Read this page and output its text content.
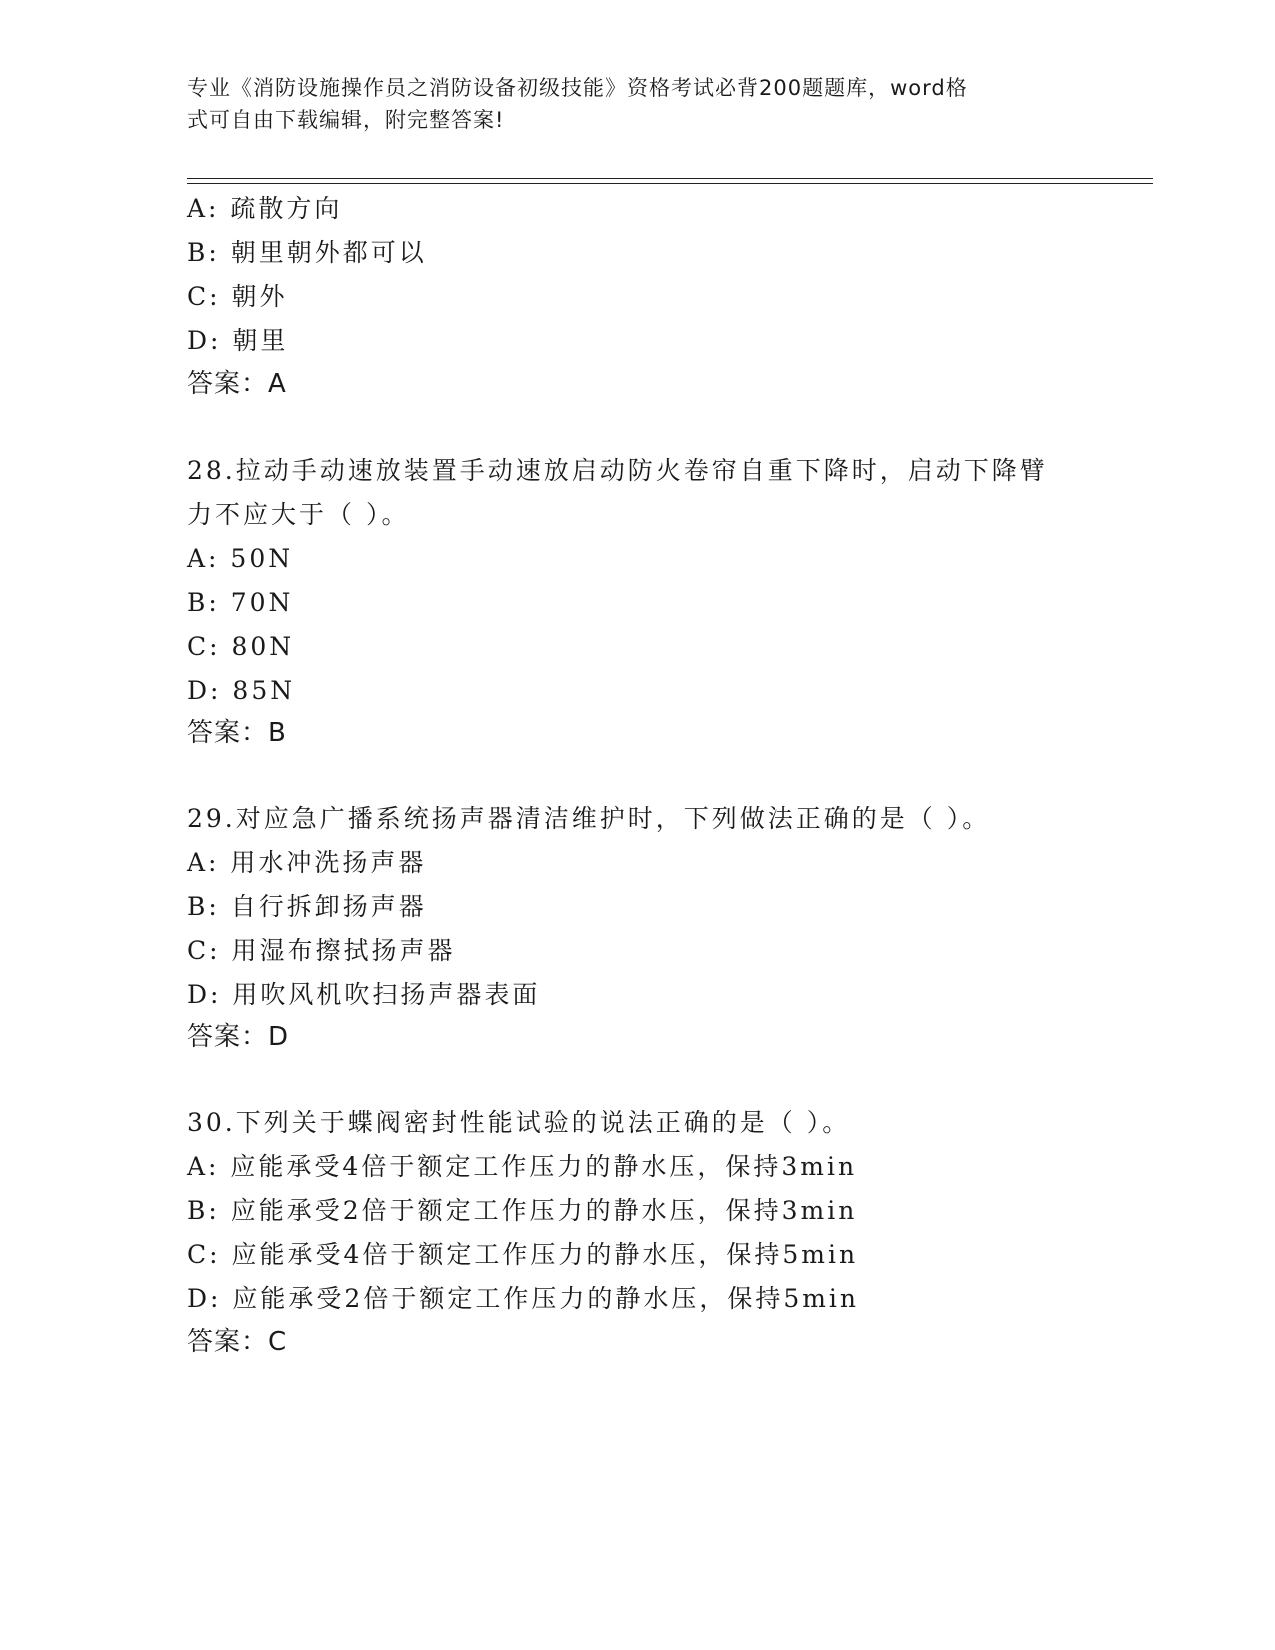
专业《消防设施操作员之消防设备初级技能》资格考试必背200题题库，word格
式可自由下载编辑，附完整答案!
A: 疏散方向
B: 朝里朝外都可以
C: 朝外
D: 朝里
答案：A
28.拉动手动速放装置手动速放启动防火卷帘自重下降时，启动下降臂
力不应大于（ ）。
A: 50N
B: 70N
C: 80N
D: 85N
答案：B
29.对应急广播系统扬声器清洁维护时，下列做法正确的是（ ）。
A: 用水冲洗扬声器
B: 自行拆卸扬声器
C: 用湿布擦拭扬声器
D: 用吹风机吹扫扬声器表面
答案：D
30.下列关于蝶阀密封性能试验的说法正确的是（ ）。
A: 应能承受4倍于额定工作压力的静水压，保持3min
B: 应能承受2倍于额定工作压力的静水压，保持3min
C: 应能承受4倍于额定工作压力的静水压，保持5min
D: 应能承受2倍于额定工作压力的静水压，保持5min
答案：C
